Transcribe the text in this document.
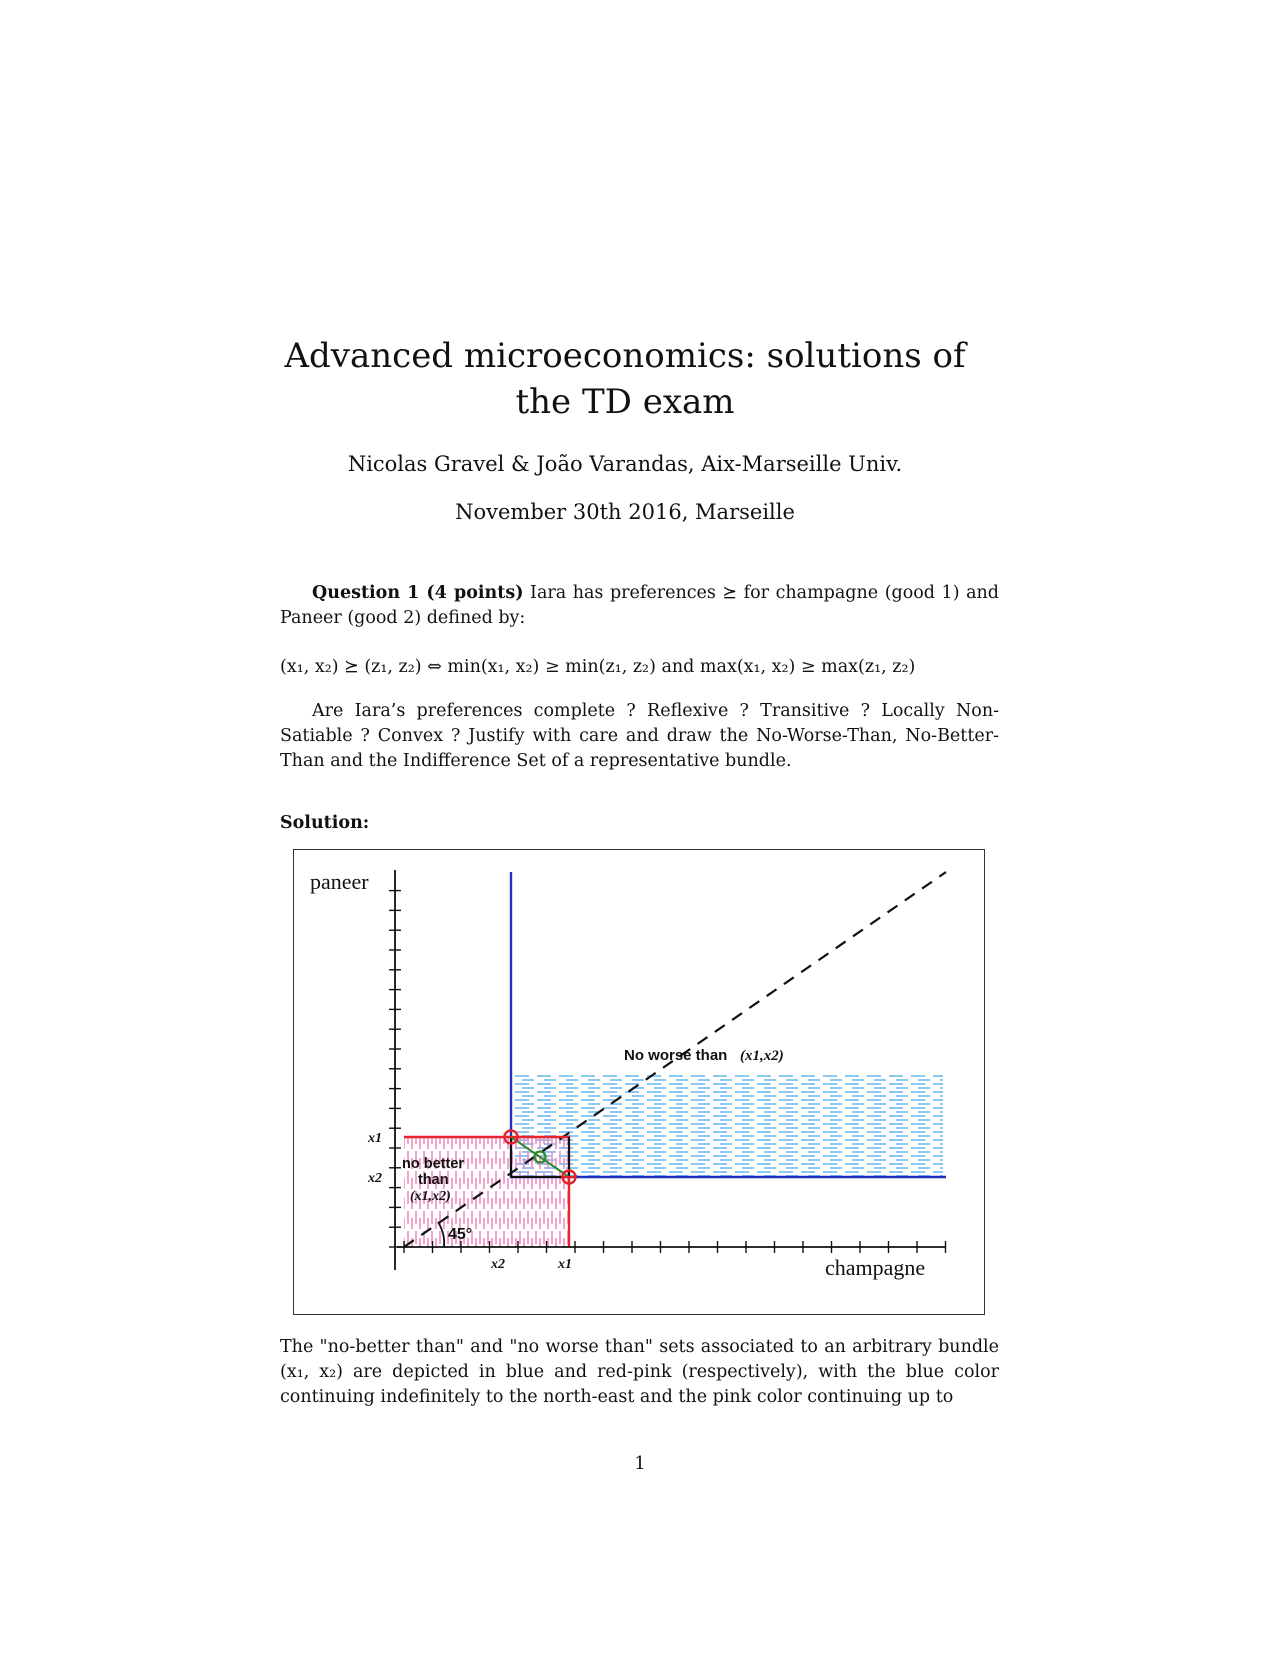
Advanced microeconomics: solutions of the TD exam
Nicolas Gravel & João Varandas, Aix-Marseille Univ.
November 30th 2016, Marseille
Question 1 (4 points) Iara has preferences ⪰ for champagne (good 1) and Paneer (good 2) defined by:
(x₁, x₂) ⪰ (z₁, z₂) ⇔ min(x₁, x₂) ≥ min(z₁, z₂) and max(x₁, x₂) ≥ max(z₁, z₂)
Are Iara’s preferences complete ? Reflexive ? Transitive ? Locally Non-Satiable ? Convex ? Justify with care and draw the No-Worse-Than, No-Better-Than and the Indifference Set of a representative bundle.
Solution:
paneer
champagne
x1
x2
x2	x1
No worse than (x1,x2)
no better
than
(x1,x2)
45°
The "no-better than" and "no worse than" sets associated to an arbitrary bundle (x₁, x₂) are depicted in blue and red-pink (respectively), with the blue color continuing indefinitely to the north-east and the pink color continuing up to
1
